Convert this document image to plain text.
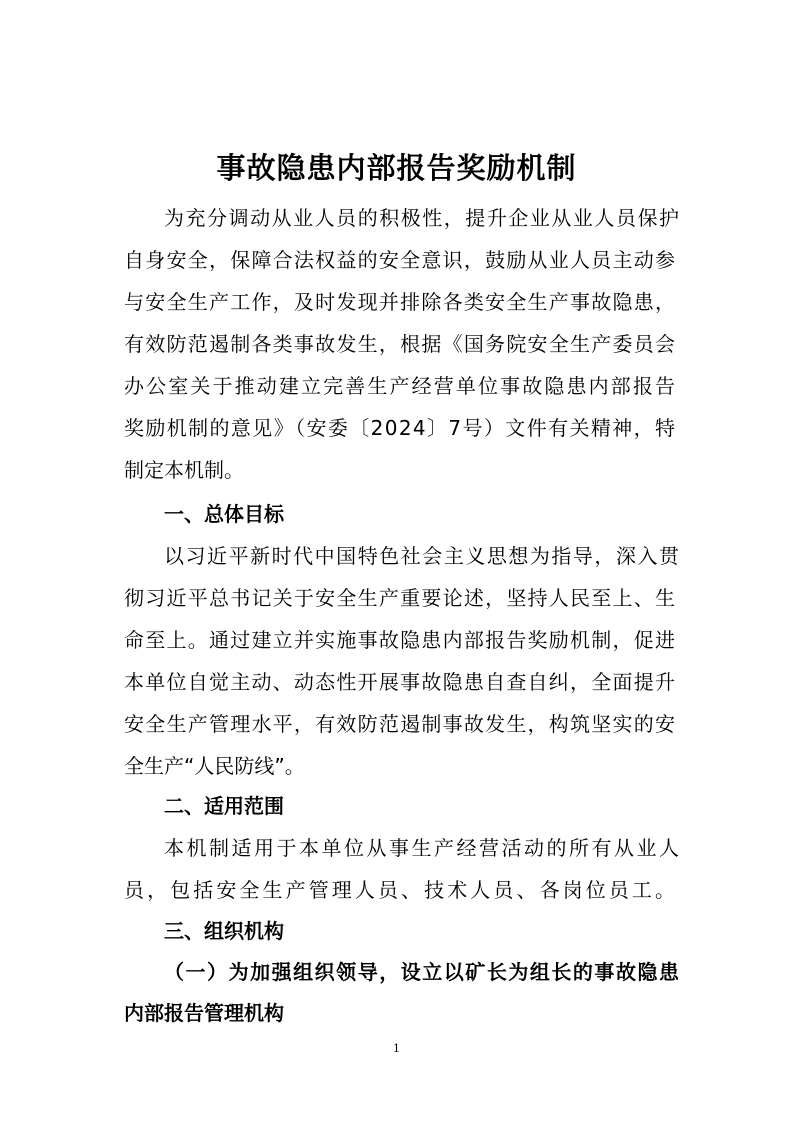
事故隐患内部报告奖励机制
为充分调动从业人员的积极性，提升企业从业人员保护
自身安全，保障合法权益的安全意识，鼓励从业人员主动参
与安全生产工作，及时发现并排除各类安全生产事故隐患，
有效防范遏制各类事故发生，根据《国务院安全生产委员会
办公室关于推动建立完善生产经营单位事故隐患内部报告
奖励机制的意见》（安委〔2024〕7号）文件有关精神，特
制定本机制。
一、总体目标
以习近平新时代中国特色社会主义思想为指导，深入贯
彻习近平总书记关于安全生产重要论述，坚持人民至上、生
命至上。通过建立并实施事故隐患内部报告奖励机制，促进
本单位自觉主动、动态性开展事故隐患自查自纠，全面提升
安全生产管理水平，有效防范遏制事故发生，构筑坚实的安
全生产“人民防线”。
二、适用范围
本机制适用于本单位从事生产经营活动的所有从业人
员，包括安全生产管理人员、技术人员、各岗位员工。
三、组织机构
（一）为加强组织领导，设立以矿长为组长的事故隐患
内部报告管理机构
1
